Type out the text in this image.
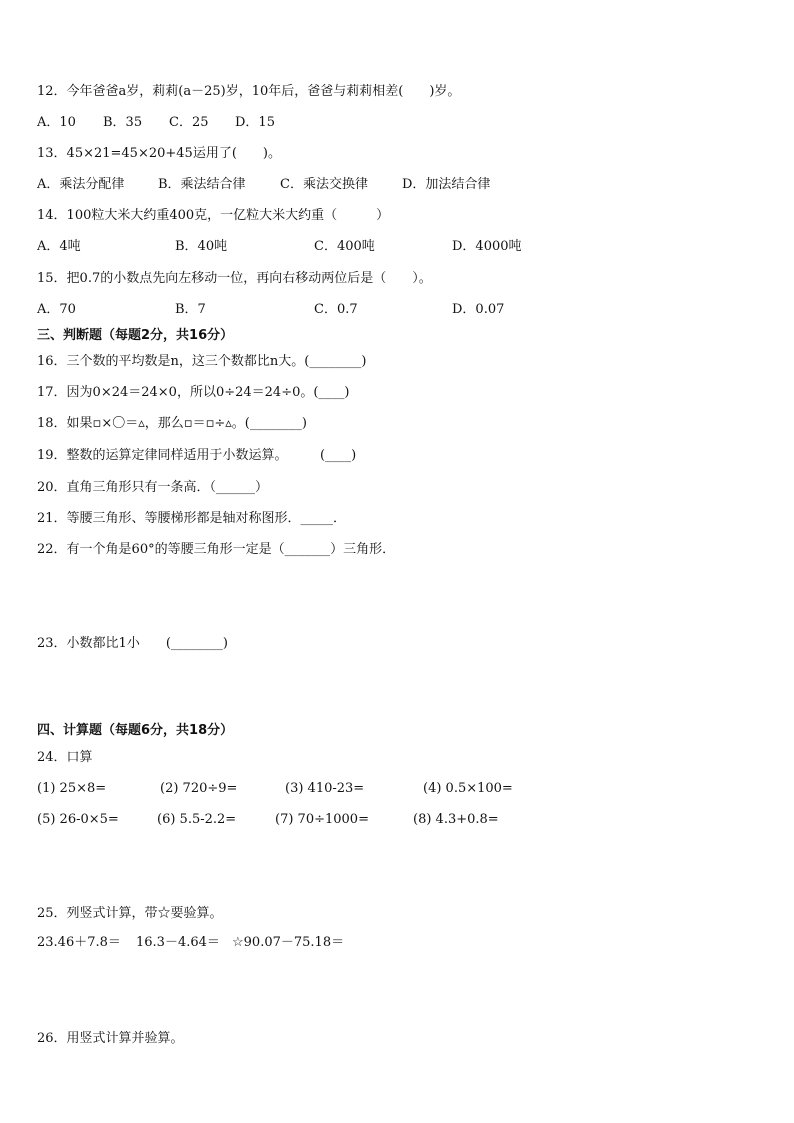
12．今年爸爸a岁，莉莉(a－25)岁，10年后，爸爸与莉莉相差(　　)岁。
A．10 B．35 C．25 D．15
13．45×21=45×20+45运用了(　　)。
A．乘法分配律	B．乘法结合律	C．乘法交换律	D．加法结合律
14．100粒大米大约重400克，一亿粒大米大约重（　　　）
A．4吨	B．40吨	C．400吨	D．4000吨
15．把0.7的小数点先向左移动一位，再向右移动两位后是（　　）。
A．70	B．7	C．0.7	D．0.07
三、判断题（每题2分，共16分）
16．三个数的平均数是n，这三个数都比n大。(________)
17．因为0×24＝24×0，所以0÷24＝24÷0。(____)
18．如果▫×〇＝▵，那么▫＝▫÷▵。(________)
19．整数的运算定律同样适用于小数运算。　　　(____)
20．直角三角形只有一条高．（______）
21．等腰三角形、等腰梯形都是轴对称图形．_____．
22．有一个角是60°的等腰三角形一定是（_______）三角形．
23．小数都比1小　　(________)
四、计算题（每题6分，共18分）
24．口算
(1) 25×8=	(2) 720÷9=	(3) 410-23=	(4) 0.5×100=
(5) 26-0×5=	(6) 5.5-2.2=	(7) 70÷1000=	(8) 4.3+0.8=
25．列竖式计算，带☆要验算。
23.46＋7.8＝ 16.3－4.64＝ ☆90.07－75.18＝
26．用竖式计算并验算。
